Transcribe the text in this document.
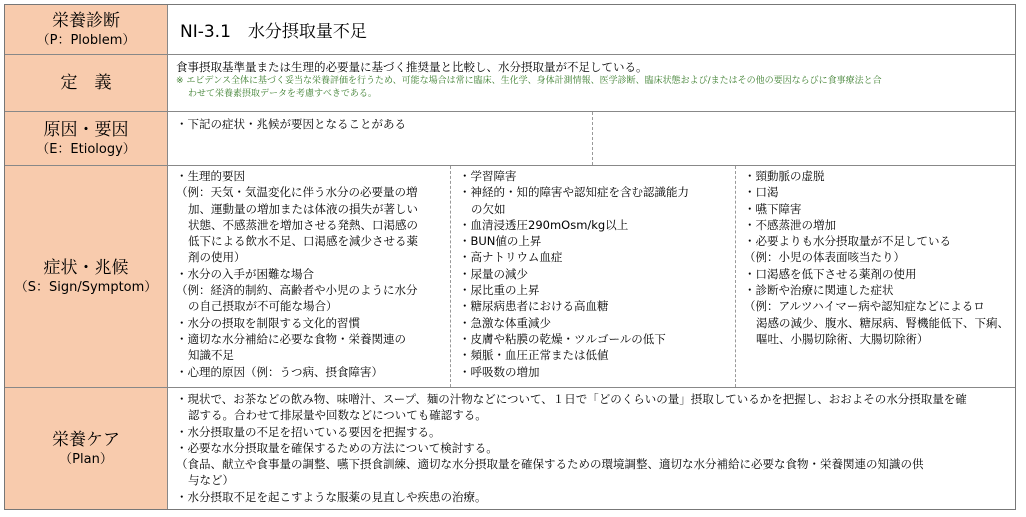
栄養診断
（P：Ploblem）	NI-3.1　水分摂取量不足
定　義
食事摂取基準量または生理的必要量に基づく推奨量と比較し、水分摂取量が不足している。
※ エビデンス全体に基づく妥当な栄養評価を行うため、可能な場合は常に臨床、生化学、身体計測情報、医学診断、臨床状態および/またはその他の要因ならびに食事療法と合
わせて栄養素摂取データを考慮すべきである。
原因・要因
（E：Etiology）
・下記の症状・兆候が要因となることがある
症状・兆候
（S：Sign/Symptom）
・生理的要因
（例：天気・気温変化に伴う水分の必要量の増
加、運動量の増加または体液の損失が著しい
状態、不感蒸泄を増加させる発熱、口渇感の
低下による飲水不足、口渇感を減少させる薬
剤の使用）
・水分の入手が困難な場合
（例：経済的制約、高齢者や小児のように水分
の自己摂取が不可能な場合）
・水分の摂取を制限する文化的習慣
・適切な水分補給に必要な食物・栄養関連の
知識不足
・心理的原因（例：うつ病、摂食障害）
・学習障害
・神経的・知的障害や認知症を含む認識能力
の欠如
・血清浸透圧290mOsm/kg以上
・BUN値の上昇
・高ナトリウム血症
・尿量の減少
・尿比重の上昇
・糖尿病患者における高血糖
・急激な体重減少
・皮膚や粘膜の乾燥・ツルゴールの低下
・頻脈・血圧正常または低値
・呼吸数の増加
・頸動脈の虚脱
・口渇
・嚥下障害
・不感蒸泄の増加
・必要よりも水分摂取量が不足している
（例：小児の体表面咳当たり）
・口渇感を低下させる薬剤の使用
・診断や治療に関連した症状
（例：アルツハイマー病や認知症などによるロ
渇感の減少、腹水、糖尿病、腎機能低下、下痢、
嘔吐、小腸切除術、大腸切除術）
栄養ケア
（Plan）
・現状で、お茶などの飲み物、味噌汁、スープ、麺の汁物などについて、１日で「どのくらいの量」摂取しているかを把握し、おおよその水分摂取量を確
認する。合わせて排尿量や回数などについても確認する。
・水分摂取量の不足を招いている要因を把握する。
・必要な水分摂取量を確保するための方法について検討する。
（食品、献立や食事量の調整、嚥下摂食訓練、適切な水分摂取量を確保するための環境調整、適切な水分補給に必要な食物・栄養関連の知識の供
与など）
・水分摂取不足を起こすような服薬の見直しや疾患の治療。
